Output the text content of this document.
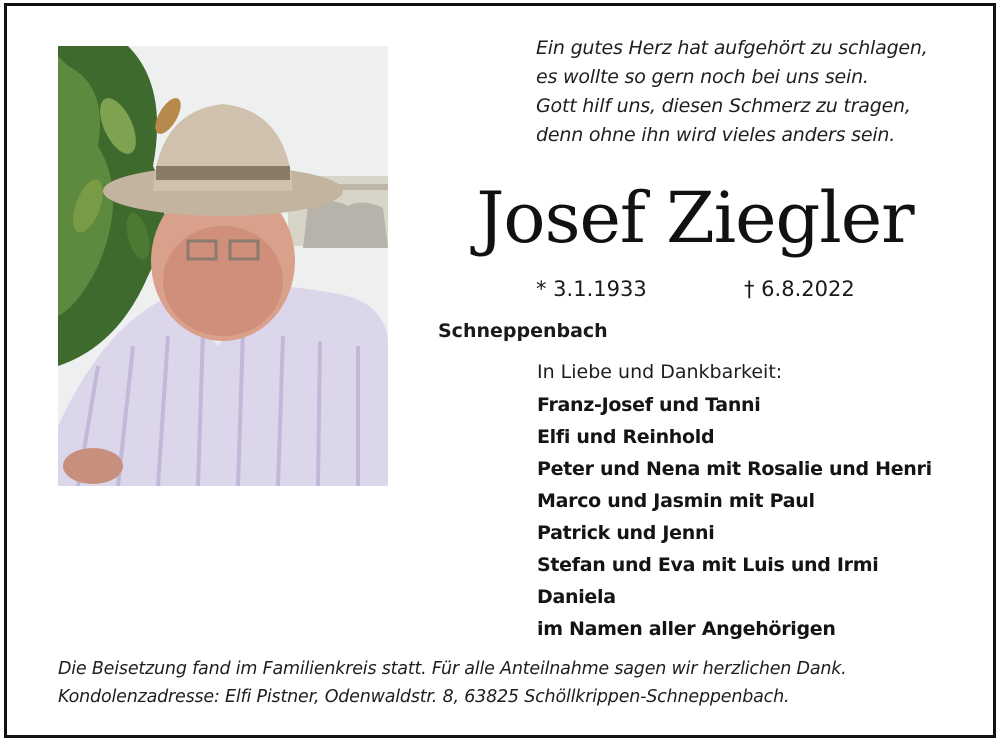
Ein gutes Herz hat aufgehört zu schlagen,
es wollte so gern noch bei uns sein.
Gott hilf uns, diesen Schmerz zu tragen,
denn ohne ihn wird vieles anders sein.
Josef Ziegler
* 3.1.1933	† 6.8.2022
Schneppenbach
In Liebe und Dankbarkeit:
Franz-Josef und Tanni
Elfi und Reinhold
Peter und Nena mit Rosalie und Henri
Marco und Jasmin mit Paul
Patrick und Jenni
Stefan und Eva mit Luis und Irmi
Daniela
im Namen aller Angehörigen
Die Beisetzung fand im Familienkreis statt. Für alle Anteilnahme sagen wir herzlichen Dank.
Kondolenzadresse: Elfi Pistner, Odenwaldstr. 8, 63825 Schöllkrippen-Schneppenbach.
